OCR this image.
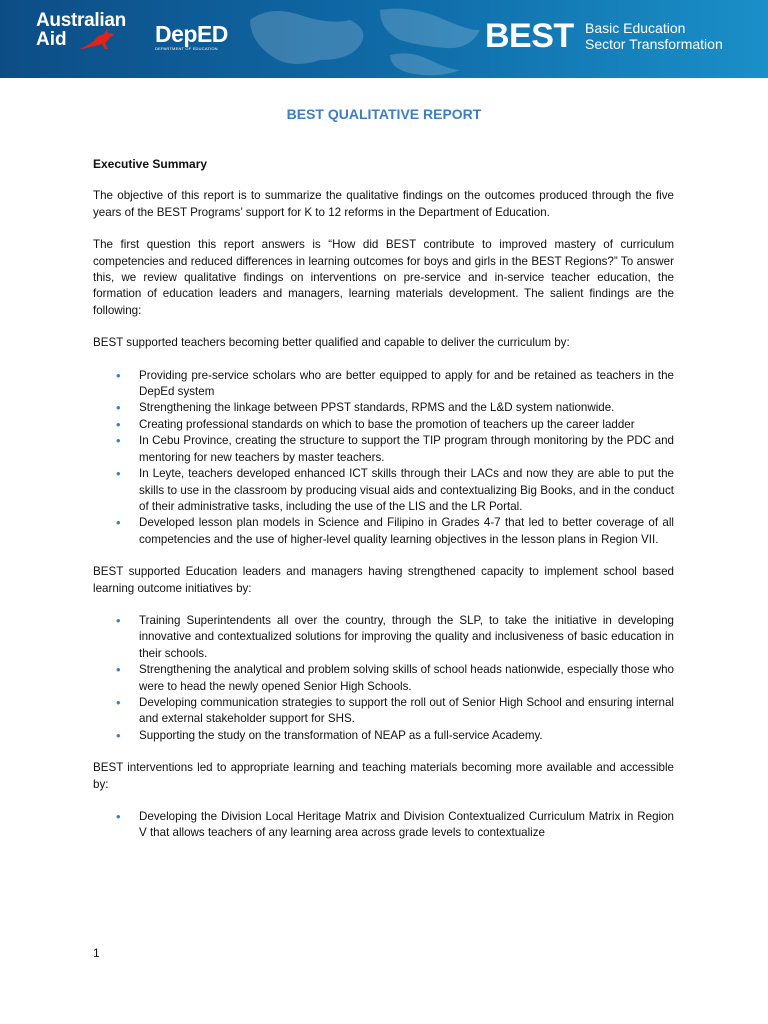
Australian
Aid	DepED
DEPARTMENT OF EDUCATION	BEST Basic Education
Sector Transformation
BEST QUALITATIVE REPORT

Executive Summary

The objective of this report is to summarize the qualitative findings on the outcomes produced through the five years of the BEST Programs’ support for K to 12 reforms in the Department of Education.

The first question this report answers is “How did BEST contribute to improved mastery of curriculum competencies and reduced differences in learning outcomes for boys and girls in the BEST Regions?” To answer this, we review qualitative findings on interventions on pre-service and in-service teacher education, the formation of education leaders and managers, learning materials development. The salient findings are the following:

BEST supported teachers becoming better qualified and capable to deliver the curriculum by:

• Providing pre-service scholars who are better equipped to apply for and be retained as teachers in the DepEd system
• Strengthening the linkage between PPST standards, RPMS and the L&D system nationwide.
• Creating professional standards on which to base the promotion of teachers up the career ladder
• In Cebu Province, creating the structure to support the TIP program through monitoring by the PDC and mentoring for new teachers by master teachers.
• In Leyte, teachers developed enhanced ICT skills through their LACs and now they are able to put the skills to use in the classroom by producing visual aids and contextualizing Big Books, and in the conduct of their administrative tasks, including the use of the LIS and the LR Portal.
• Developed lesson plan models in Science and Filipino in Grades 4-7 that led to better coverage of all competencies and the use of higher-level quality learning objectives in the lesson plans in Region VII.

BEST supported Education leaders and managers having strengthened capacity to implement school based learning outcome initiatives by:

• Training Superintendents all over the country, through the SLP, to take the initiative in developing innovative and contextualized solutions for improving the quality and inclusiveness of basic education in their schools.
• Strengthening the analytical and problem solving skills of school heads nationwide, especially those who were to head the newly opened Senior High Schools.
• Developing communication strategies to support the roll out of Senior High School and ensuring internal and external stakeholder support for SHS.
• Supporting the study on the transformation of NEAP as a full-service Academy.

BEST interventions led to appropriate learning and teaching materials becoming more available and accessible by:

• Developing the Division Local Heritage Matrix and Division Contextualized Curriculum Matrix in Region V that allows teachers of any learning area across grade levels to contextualize
1
